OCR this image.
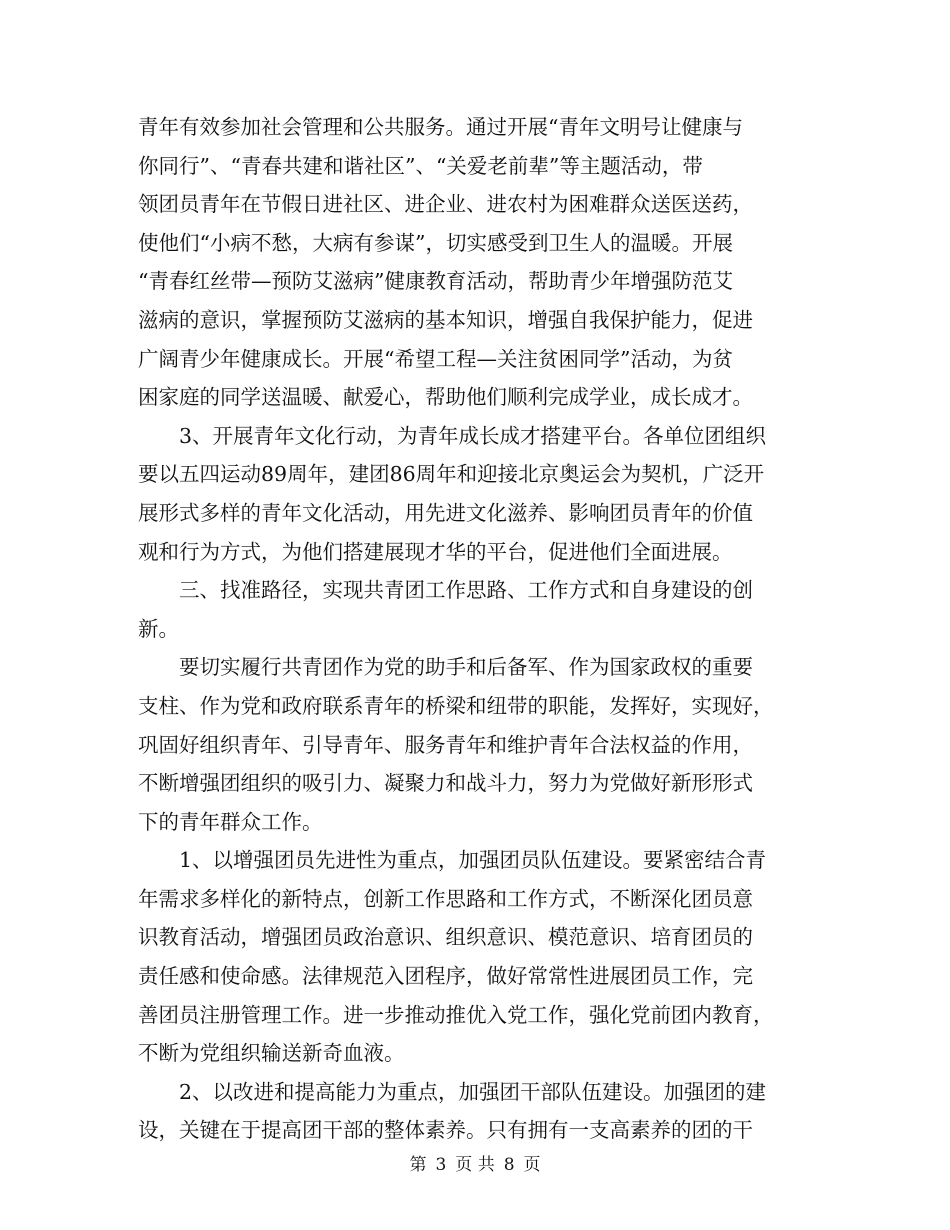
青年有效参加社会管理和公共服务。通过开展“青年文明号让健康与
你同行”、“青春共建和谐社区”、“关爱老前辈”等主题活动，带
领团员青年在节假日进社区、进企业、进农村为困难群众送医送药，
使他们“小病不愁，大病有参谋”，切实感受到卫生人的温暖。开展
“青春红丝带—预防艾滋病”健康教育活动，帮助青少年增强防范艾
滋病的意识，掌握预防艾滋病的基本知识，增强自我保护能力，促进
广阔青少年健康成长。开展“希望工程—关注贫困同学”活动，为贫
困家庭的同学送温暖、献爱心，帮助他们顺利完成学业，成长成才。
　　3、开展青年文化行动，为青年成长成才搭建平台。各单位团组织
要以五四运动89周年，建团86周年和迎接北京奥运会为契机，广泛开
展形式多样的青年文化活动，用先进文化滋养、影响团员青年的价值
观和行为方式，为他们搭建展现才华的平台，促进他们全面进展。
　　三、找准路径，实现共青团工作思路、工作方式和自身建设的创
新。
　　要切实履行共青团作为党的助手和后备军、作为国家政权的重要
支柱、作为党和政府联系青年的桥梁和纽带的职能，发挥好，实现好，
巩固好组织青年、引导青年、服务青年和维护青年合法权益的作用，
不断增强团组织的吸引力、凝聚力和战斗力，努力为党做好新形形式
下的青年群众工作。
　　1、以增强团员先进性为重点，加强团员队伍建设。要紧密结合青
年需求多样化的新特点，创新工作思路和工作方式，不断深化团员意
识教育活动，增强团员政治意识、组织意识、模范意识、培育团员的
责任感和使命感。法律规范入团程序，做好常常性进展团员工作，完
善团员注册管理工作。进一步推动推优入党工作，强化党前团内教育，
不断为党组织输送新奇血液。
　　2、以改进和提高能力为重点，加强团干部队伍建设。加强团的建
设，关键在于提高团干部的整体素养。只有拥有一支高素养的团的干
第 3 页 共 8 页
